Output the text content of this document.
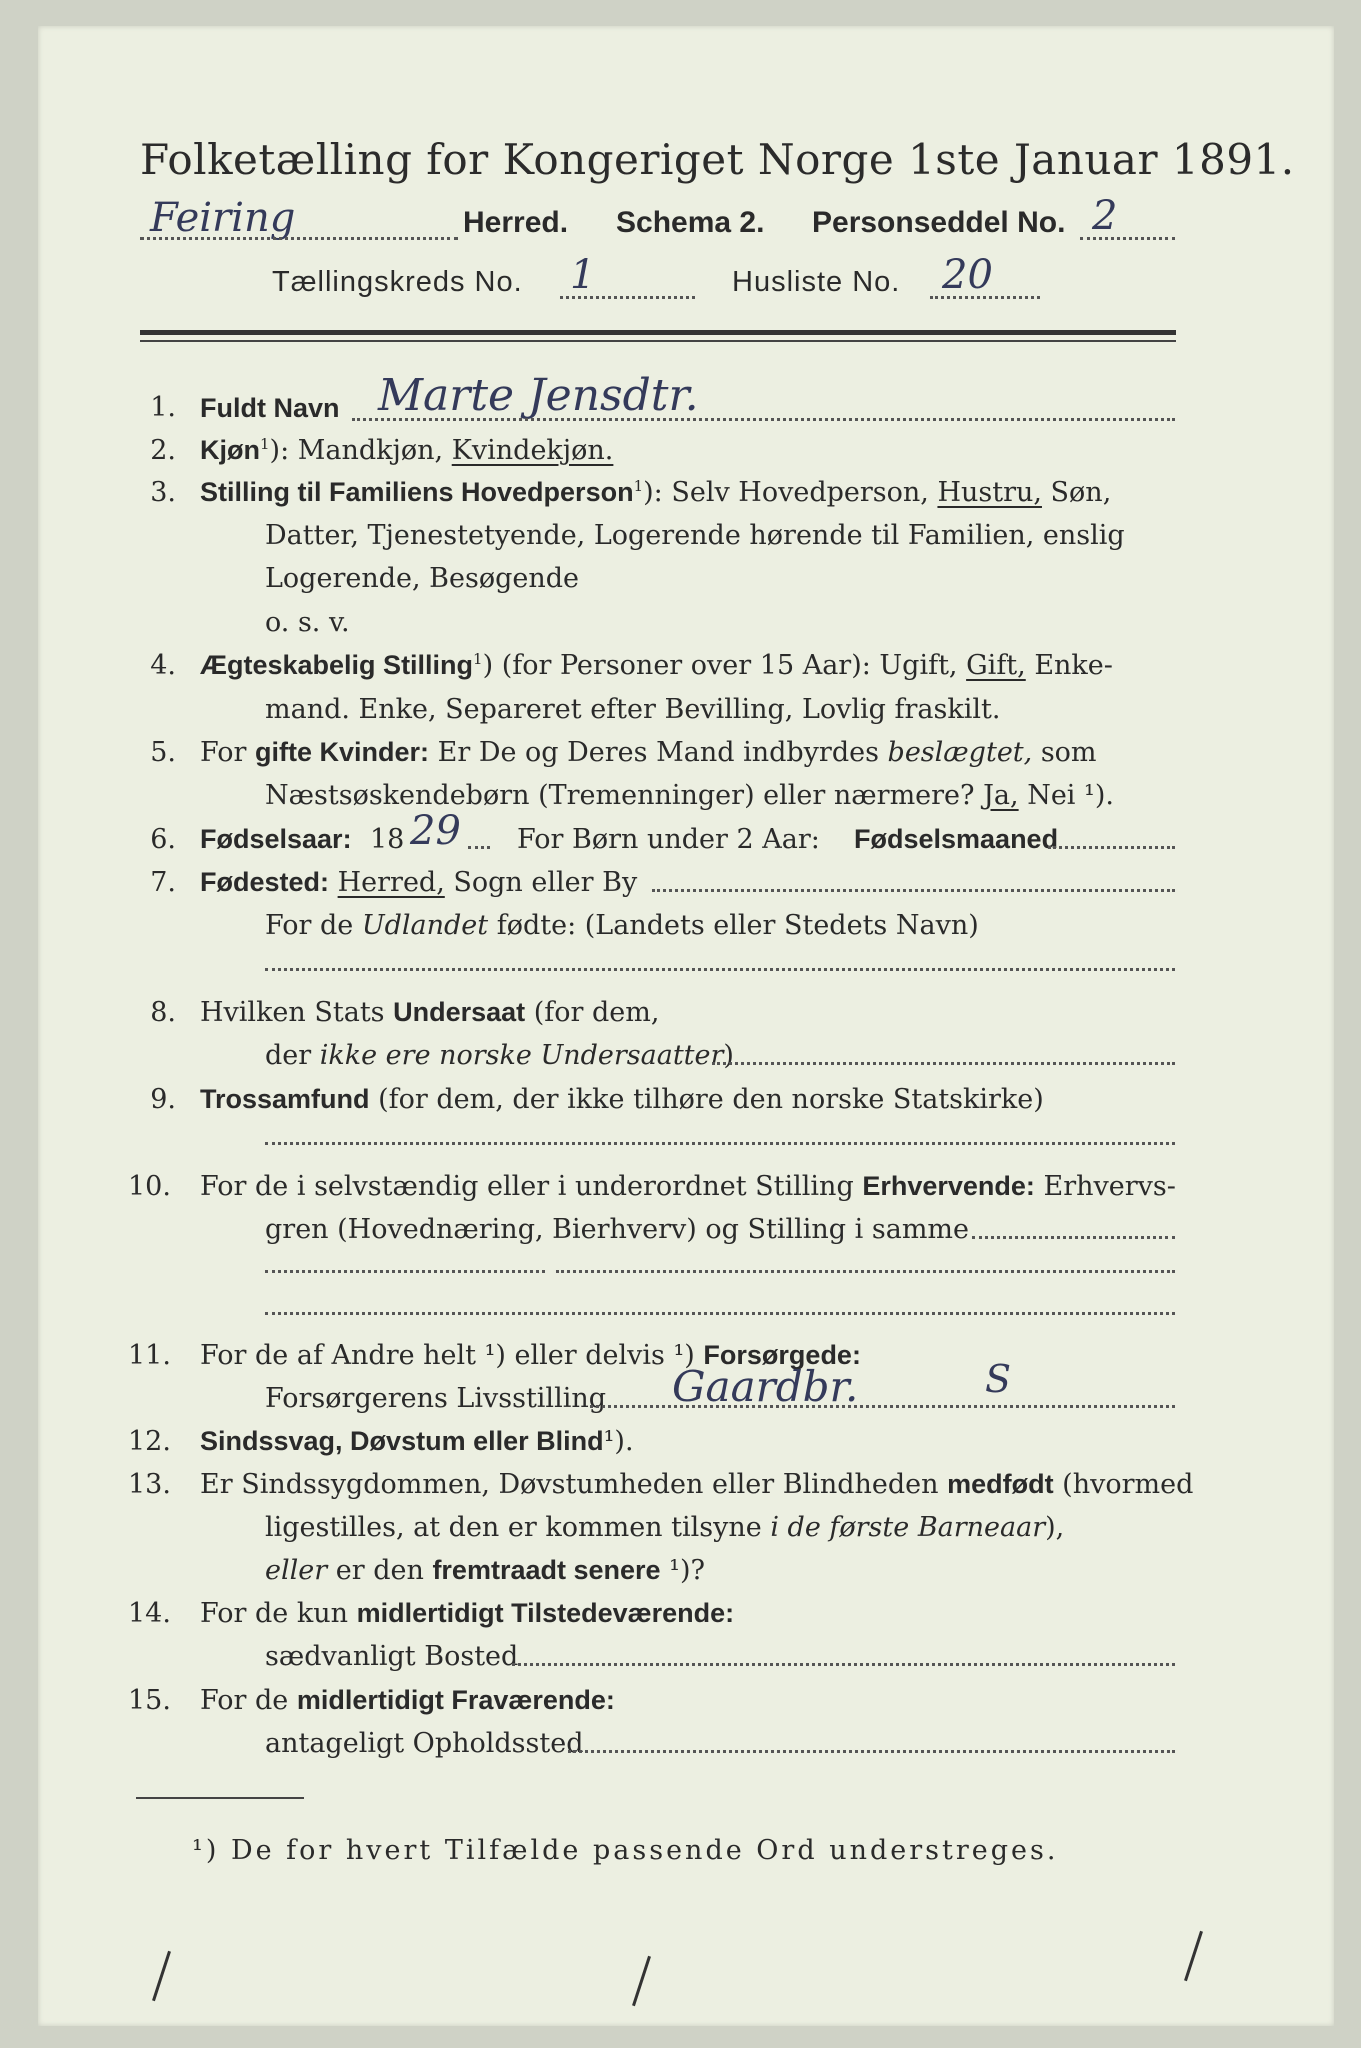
Folketælling for Kongeriget Norge 1ste Januar 1891.
Feiring	Herred. Schema 2. Personseddel No. 2
Tællingskreds No. 1	Husliste No. 20
1. Fuldt Navn Marte Jensdtr.
2. Kjøn$^1$): Mandkjøn, Kvindekjøn.
3. Stilling til Familiens Hovedperson$^1$): Selv Hovedperson, Hustru, Søn,
Datter, Tjenestetyende, Logerende hørende til Familien, enslig
Logerende, Besøgende
o. s. v.
4. Ægteskabelig Stilling$^1$) (for Personer over 15 Aar): Ugift, Gift, Enke-
mand. Enke, Separeret efter Bevilling, Lovlig fraskilt.
5. For gifte Kvinder: Er De og Deres Mand indbyrdes beslægtet, som
Næstsøskendebørn (Tremenninger) eller nærmere? Ja, Nei ¹).
6. Fødselsaar: 18 29 For Børn under 2 Aar: Fødselsmaaned
7. Fødested: Herred, Sogn eller By
For de Udlandet fødte: (Landets eller Stedets Navn)
8. Hvilken Stats Undersaat (for dem,
der ikke ere norske Undersaatter)
9. Trossamfund (for dem, der ikke tilhøre den norske Statskirke)
10. For de i selvstændig eller i underordnet Stilling Erhvervende: Erhvervs-
gren (Hovednæring, Bierhverv) og Stilling i samme
11. For de af Andre helt ¹) eller delvis ¹) Forsørgede:
Forsørgerens Livsstilling Gaardbr.	S
12. Sindssvag, Døvstum eller Blind¹).
13. Er Sindssygdommen, Døvstumheden eller Blindheden medfødt (hvormed
ligestilles, at den er kommen tilsyne i de første Barneaar),
eller er den fremtraadt senere ¹)?
14. For de kun midlertidigt Tilstedeværende:
sædvanligt Bosted
15. For de midlertidigt Fraværende:
antageligt Opholdssted
¹) De for hvert Tilfælde passende Ord understreges.
